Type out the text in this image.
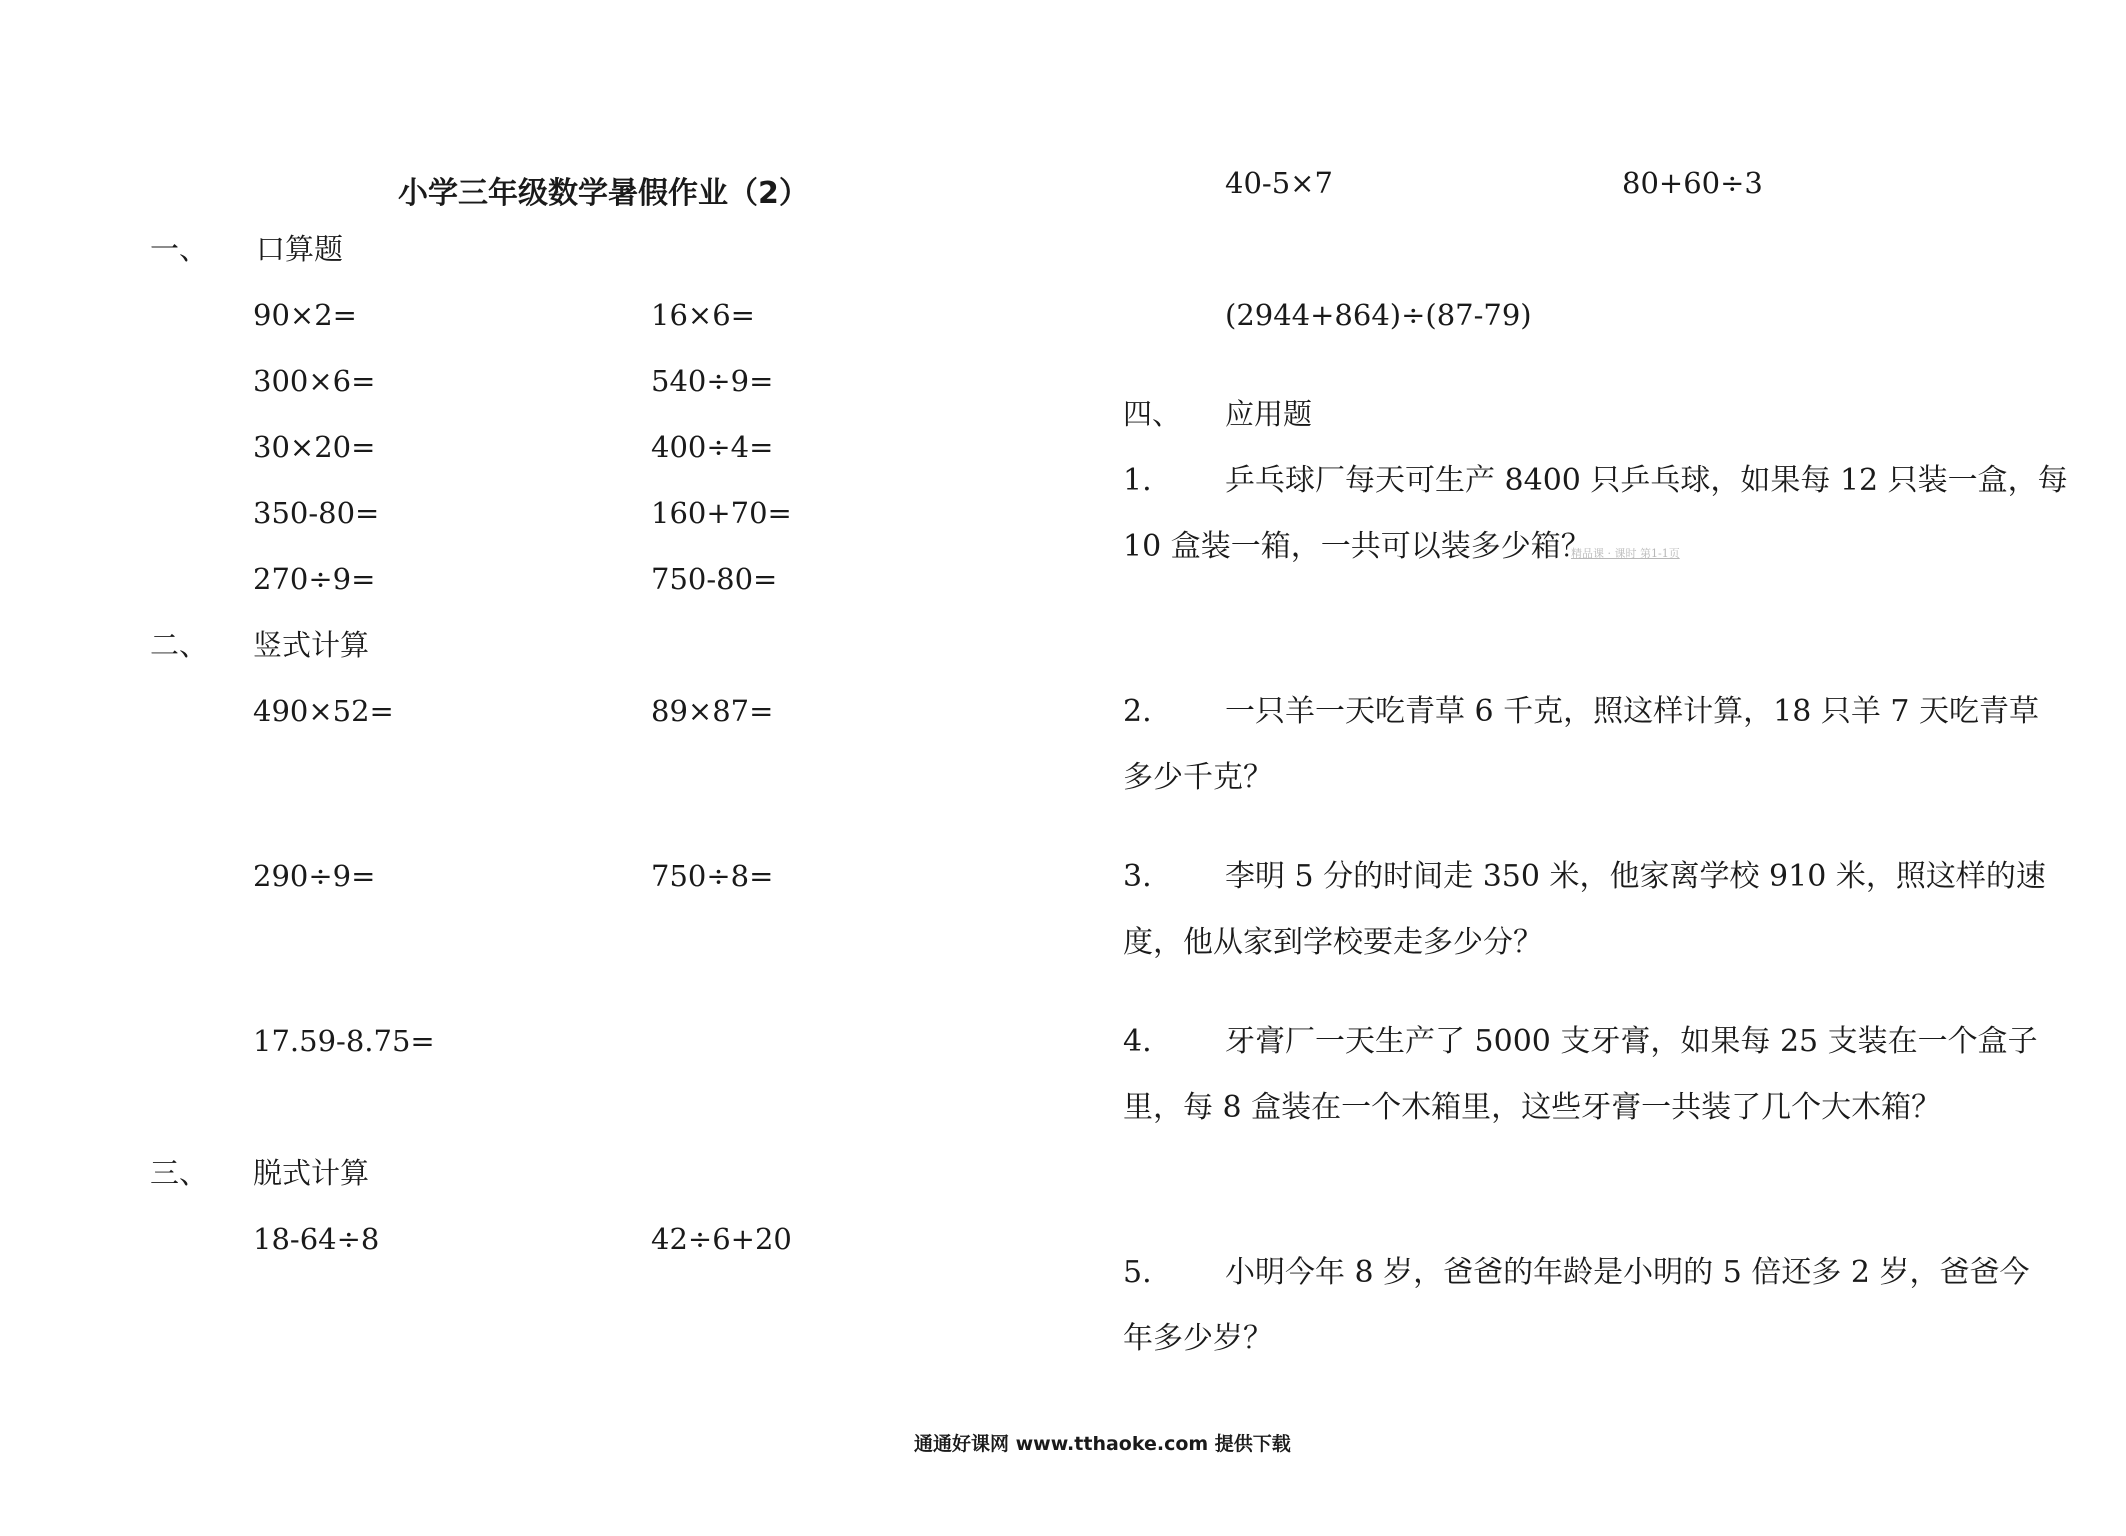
小学三年级数学暑假作业（2）
一、 口算题
90×2=	16×6=
300×6=	540÷9=
30×20=	400÷4=
350-80=	160+70=
270÷9=	750-80=
二、 竖式计算
490×52=	89×87=
290÷9=	750÷8=
17.59-8.75=
三、 脱式计算
18-64÷8	42÷6+20
40-5×7	80+60÷3
(2944+864)÷(87-79)
四、 应用题
1. 乒乓球厂每天可生产 8400 只乒乓球，如果每 12 只装一盒，每
10 盒装一箱，一共可以装多少箱？
精品课 · 课时 第1-1页
2. 一只羊一天吃青草 6 千克，照这样计算，18 只羊 7 天吃青草
多少千克？
3. 李明 5 分的时间走 350 米，他家离学校 910 米，照这样的速
度，他从家到学校要走多少分？
4. 牙膏厂一天生产了 5000 支牙膏，如果每 25 支装在一个盒子
里，每 8 盒装在一个木箱里，这些牙膏一共装了几个大木箱？
5. 小明今年 8 岁，爸爸的年龄是小明的 5 倍还多 2 岁，爸爸今
年多少岁？
通通好课网 www.tthaoke.com 提供下载
